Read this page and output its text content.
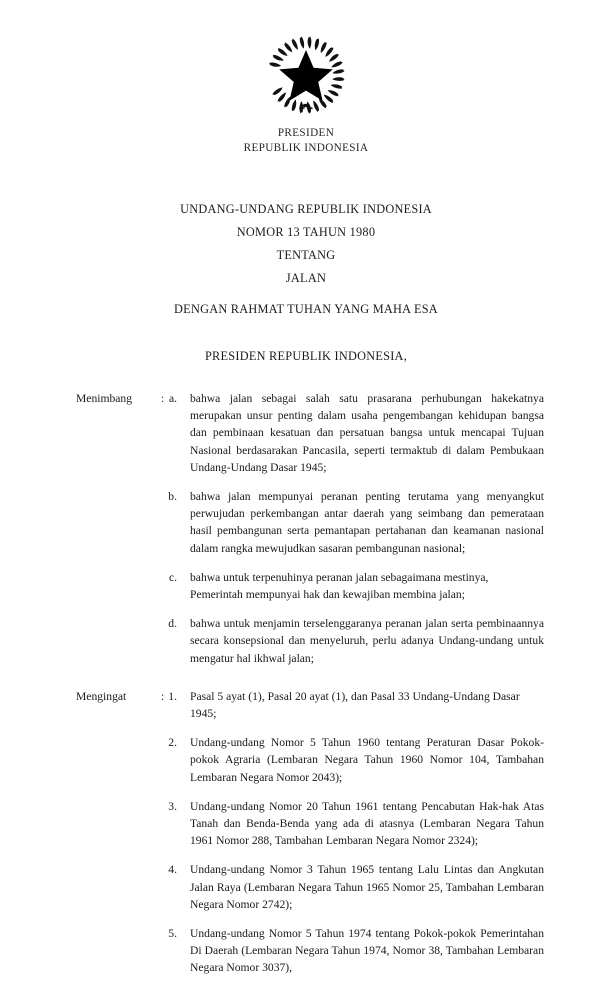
PRESIDEN
REPUBLIK INDONESIA
UNDANG-UNDANG REPUBLIK INDONESIA
NOMOR 13 TAHUN 1980
TENTANG
JALAN
DENGAN RAHMAT TUHAN YANG MAHA ESA
PRESIDEN REPUBLIK INDONESIA,
Menimbang	: a. bahwa jalan sebagai salah satu prasarana perhubungan hakekatnya merupakan unsur penting dalam usaha pengembangan kehidupan bangsa dan pembinaan kesatuan dan persatuan bangsa untuk mencapai Tujuan Nasional berdasarakan Pancasila, seperti termaktub di dalam Pembukaan Undang-Undang Dasar 1945;
b. bahwa jalan mempunyai peranan penting terutama yang menyangkut perwujudan perkembangan antar daerah yang seimbang dan pemerataan hasil pembangunan serta pemantapan pertahanan dan keamanan nasional dalam rangka mewujudkan sasaran pembangunan nasional;
c. bahwa untuk terpenuhinya peranan jalan sebagaimana mestinya, Pemerintah mempunyai hak dan kewajiban membina jalan;
d. bahwa untuk menjamin terselenggaranya peranan jalan serta pembinaannya secara konsepsional dan menyeluruh, perlu adanya Undang-undang untuk mengatur hal ikhwal jalan;
Mengingat	: 1. Pasal 5 ayat (1), Pasal 20 ayat (1), dan Pasal 33 Undang-Undang Dasar 1945;
2. Undang-undang Nomor 5 Tahun 1960 tentang Peraturan Dasar Pokok-pokok Agraria (Lembaran Negara Tahun 1960 Nomor 104, Tambahan Lembaran Negara Nomor 2043);
3. Undang-undang Nomor 20 Tahun 1961 tentang Pencabutan Hak-hak Atas Tanah dan Benda-Benda yang ada di atasnya (Lembaran Negara Tahun 1961 Nomor 288, Tambahan Lembaran Negara Nomor 2324);
4. Undang-undang Nomor 3 Tahun 1965 tentang Lalu Lintas dan Angkutan Jalan Raya (Lembaran Negara Tahun 1965 Nomor 25, Tambahan Lembaran Negara Nomor 2742);
5. Undang-undang Nomor 5 Tahun 1974 tentang Pokok-pokok Pemerintahan Di Daerah (Lembaran Negara Tahun 1974, Nomor 38, Tambahan Lembaran Negara Nomor 3037),
